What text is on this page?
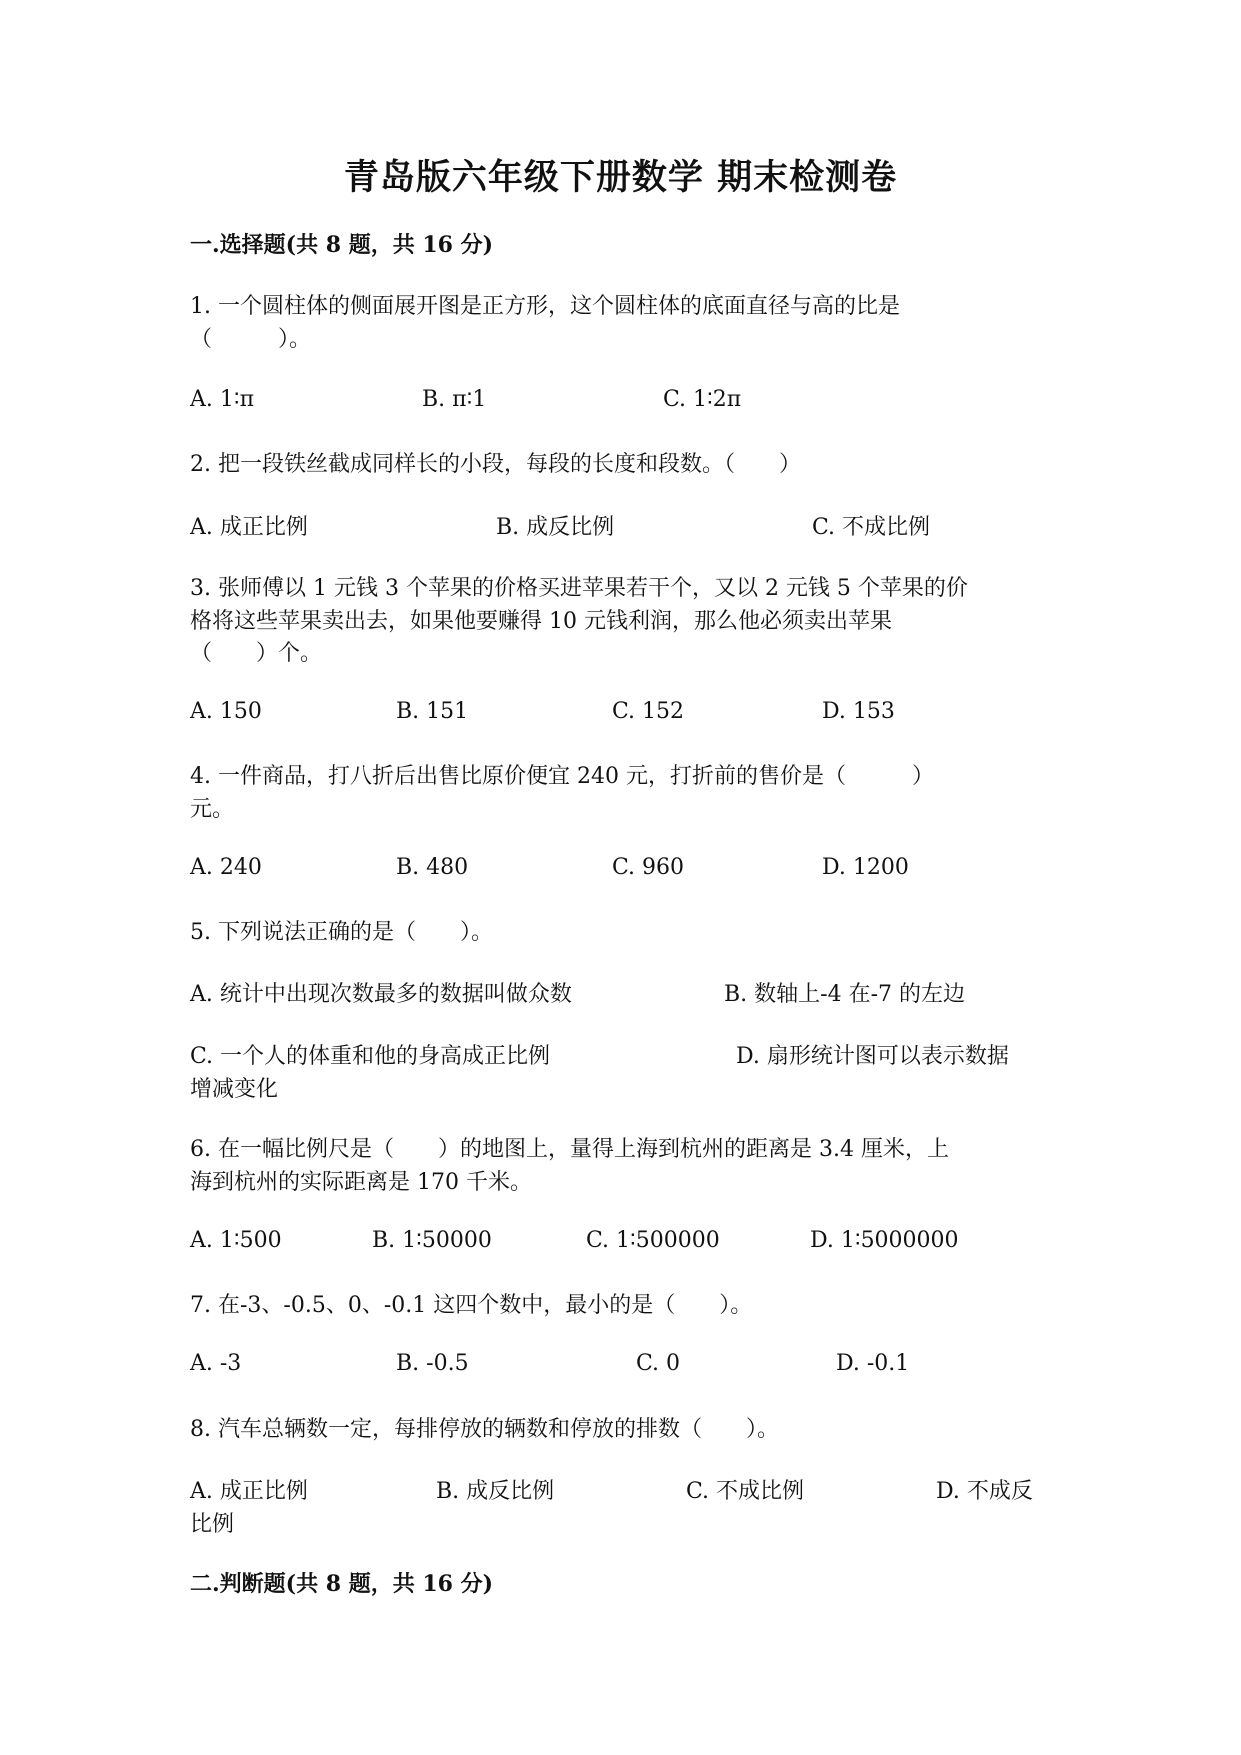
青岛版六年级下册数学 期末检测卷
一.选择题(共 8 题，共 16 分)
1. 一个圆柱体的侧面展开图是正方形，这个圆柱体的底面直径与高的比是
（　　　）。
A. 1∶π	B. π∶1	C. 1∶2π
2. 把一段铁丝截成同样长的小段，每段的长度和段数。（　　）
A. 成正比例	B. 成反比例	C. 不成比例
3. 张师傅以 1 元钱 3 个苹果的价格买进苹果若干个，又以 2 元钱 5 个苹果的价
格将这些苹果卖出去，如果他要赚得 10 元钱利润，那么他必须卖出苹果
（　　）个。
A. 150	B. 151	C. 152	D. 153
4. 一件商品，打八折后出售比原价便宜 240 元，打折前的售价是（　　　）
元。
A. 240	B. 480	C. 960	D. 1200
5. 下列说法正确的是（　　）。
A. 统计中出现次数最多的数据叫做众数	B. 数轴上-4 在-7 的左边
C. 一个人的体重和他的身高成正比例	D. 扇形统计图可以表示数据
增减变化
6. 在一幅比例尺是（　　）的地图上，量得上海到杭州的距离是 3.4 厘米，上
海到杭州的实际距离是 170 千米。
A. 1∶500	B. 1∶50000	C. 1∶500000	D. 1∶5000000
7. 在-3、-0.5、0、-0.1 这四个数中，最小的是（　　）。
A. -3	B. -0.5	C. 0	D. -0.1
8. 汽车总辆数一定，每排停放的辆数和停放的排数（　　）。
A. 成正比例	B. 成反比例	C. 不成比例	D. 不成反
比例
二.判断题(共 8 题，共 16 分)
